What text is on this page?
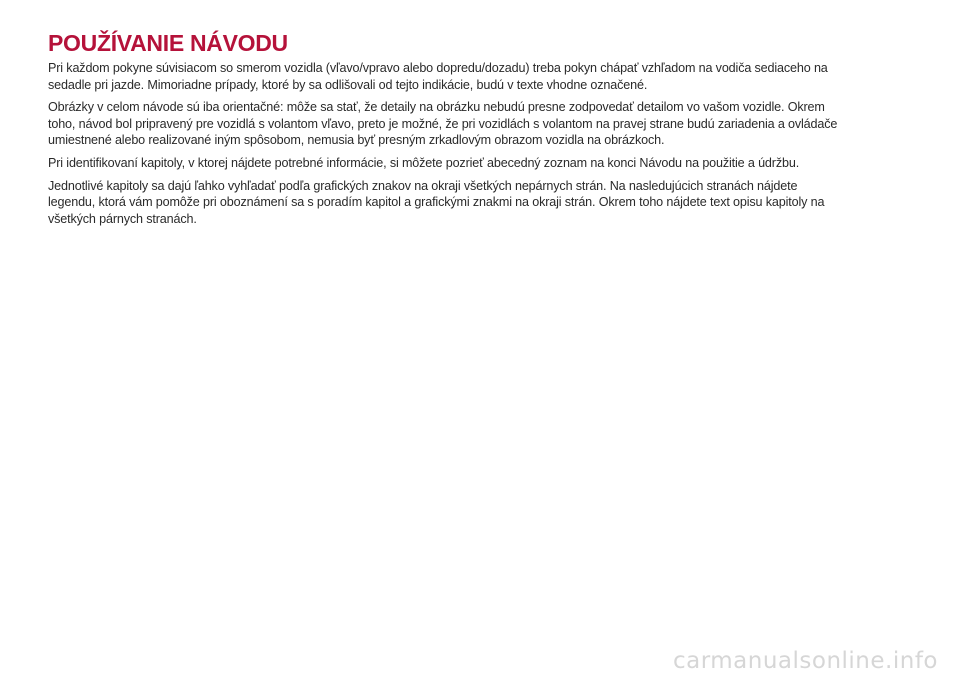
POUŽÍVANIE NÁVODU

Pri každom pokyne súvisiacom so smerom vozidla (vľavo/vpravo alebo dopredu/dozadu) treba pokyn chápať vzhľadom na vodiča sediaceho na sedadle pri jazde. Mimoriadne prípady, ktoré by sa odlišovali od tejto indikácie, budú v texte vhodne označené.

Obrázky v celom návode sú iba orientačné: môže sa stať, že detaily na obrázku nebudú presne zodpovedať detailom vo vašom vozidle. Okrem toho, návod bol pripravený pre vozidlá s volantom vľavo, preto je možné, že pri vozidlách s volantom na pravej strane budú zariadenia a ovládače umiestnené alebo realizované iným spôsobom, nemusia byť presným zrkadlovým obrazom vozidla na obrázkoch.

Pri identifikovaní kapitoly, v ktorej nájdete potrebné informácie, si môžete pozrieť abecedný zoznam na konci Návodu na použitie a údržbu.

Jednotlivé kapitoly sa dajú ľahko vyhľadať podľa grafických znakov na okraji všetkých nepárnych strán. Na nasledujúcich stranách nájdete legendu, ktorá vám pomôže pri oboznámení sa s poradím kapitol a grafickými znakmi na okraji strán. Okrem toho nájdete text opisu kapitoly na všetkých párnych stranách.

carmanualsonline.info
